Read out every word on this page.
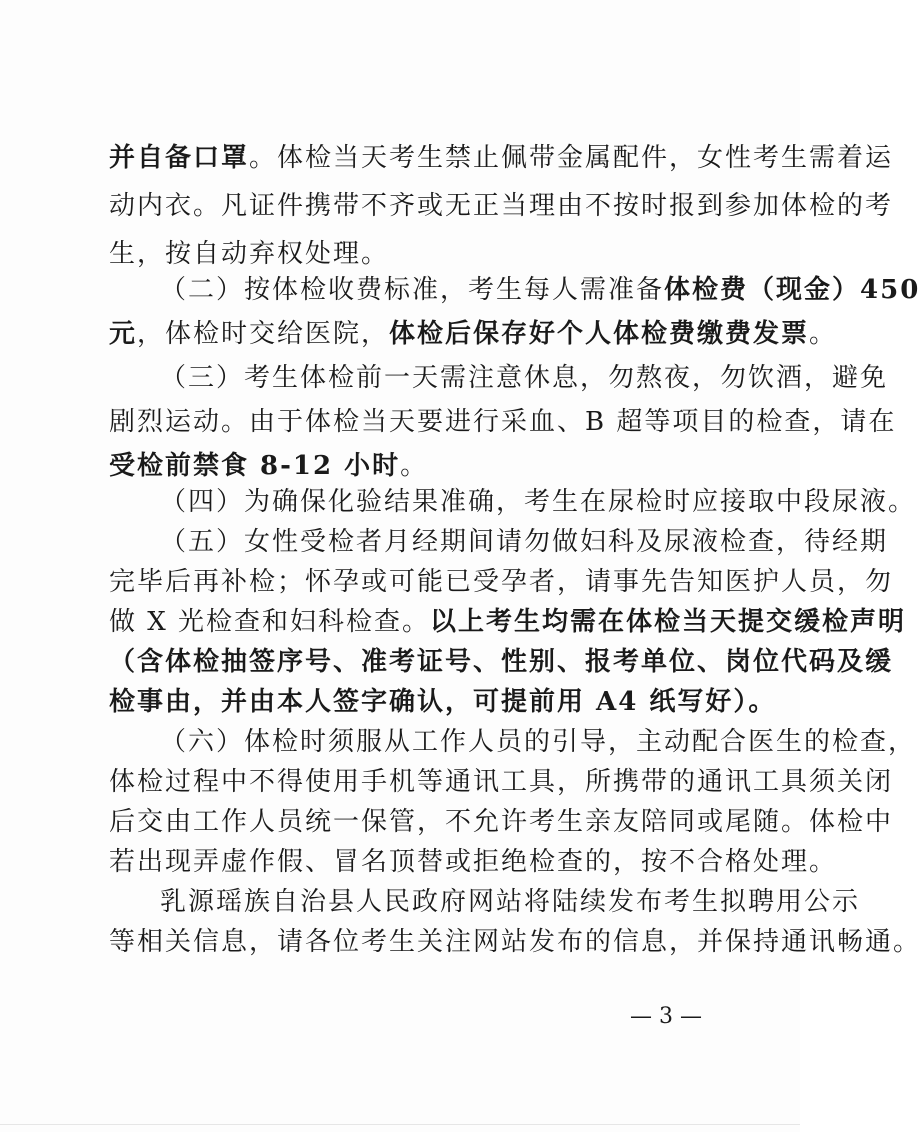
并自备口罩。体检当天考生禁止佩带金属配件，女性考生需着运
动内衣。凡证件携带不齐或无正当理由不按时报到参加体检的考
生，按自动弃权处理。
（二）按体检收费标准，考生每人需准备体检费（现金）450
元，体检时交给医院，体检后保存好个人体检费缴费发票。
（三）考生体检前一天需注意休息，勿熬夜，勿饮酒，避免
剧烈运动。由于体检当天要进行采血、B 超等项目的检查，请在
受检前禁食 8-12 小时。
（四）为确保化验结果准确，考生在尿检时应接取中段尿液。
（五）女性受检者月经期间请勿做妇科及尿液检查，待经期
完毕后再补检；怀孕或可能已受孕者，请事先告知医护人员，勿
做 X 光检查和妇科检查。以上考生均需在体检当天提交缓检声明
（含体检抽签序号、准考证号、性别、报考单位、岗位代码及缓
检事由，并由本人签字确认，可提前用 A4 纸写好）。
（六）体检时须服从工作人员的引导，主动配合医生的检查，
体检过程中不得使用手机等通讯工具，所携带的通讯工具须关闭
后交由工作人员统一保管，不允许考生亲友陪同或尾随。体检中
若出现弄虚作假、冒名顶替或拒绝检查的，按不合格处理。
— 3 —
乳源瑶族自治县人民政府网站将陆续发布考生拟聘用公示
等相关信息，请各位考生关注网站发布的信息，并保持通讯畅通。
